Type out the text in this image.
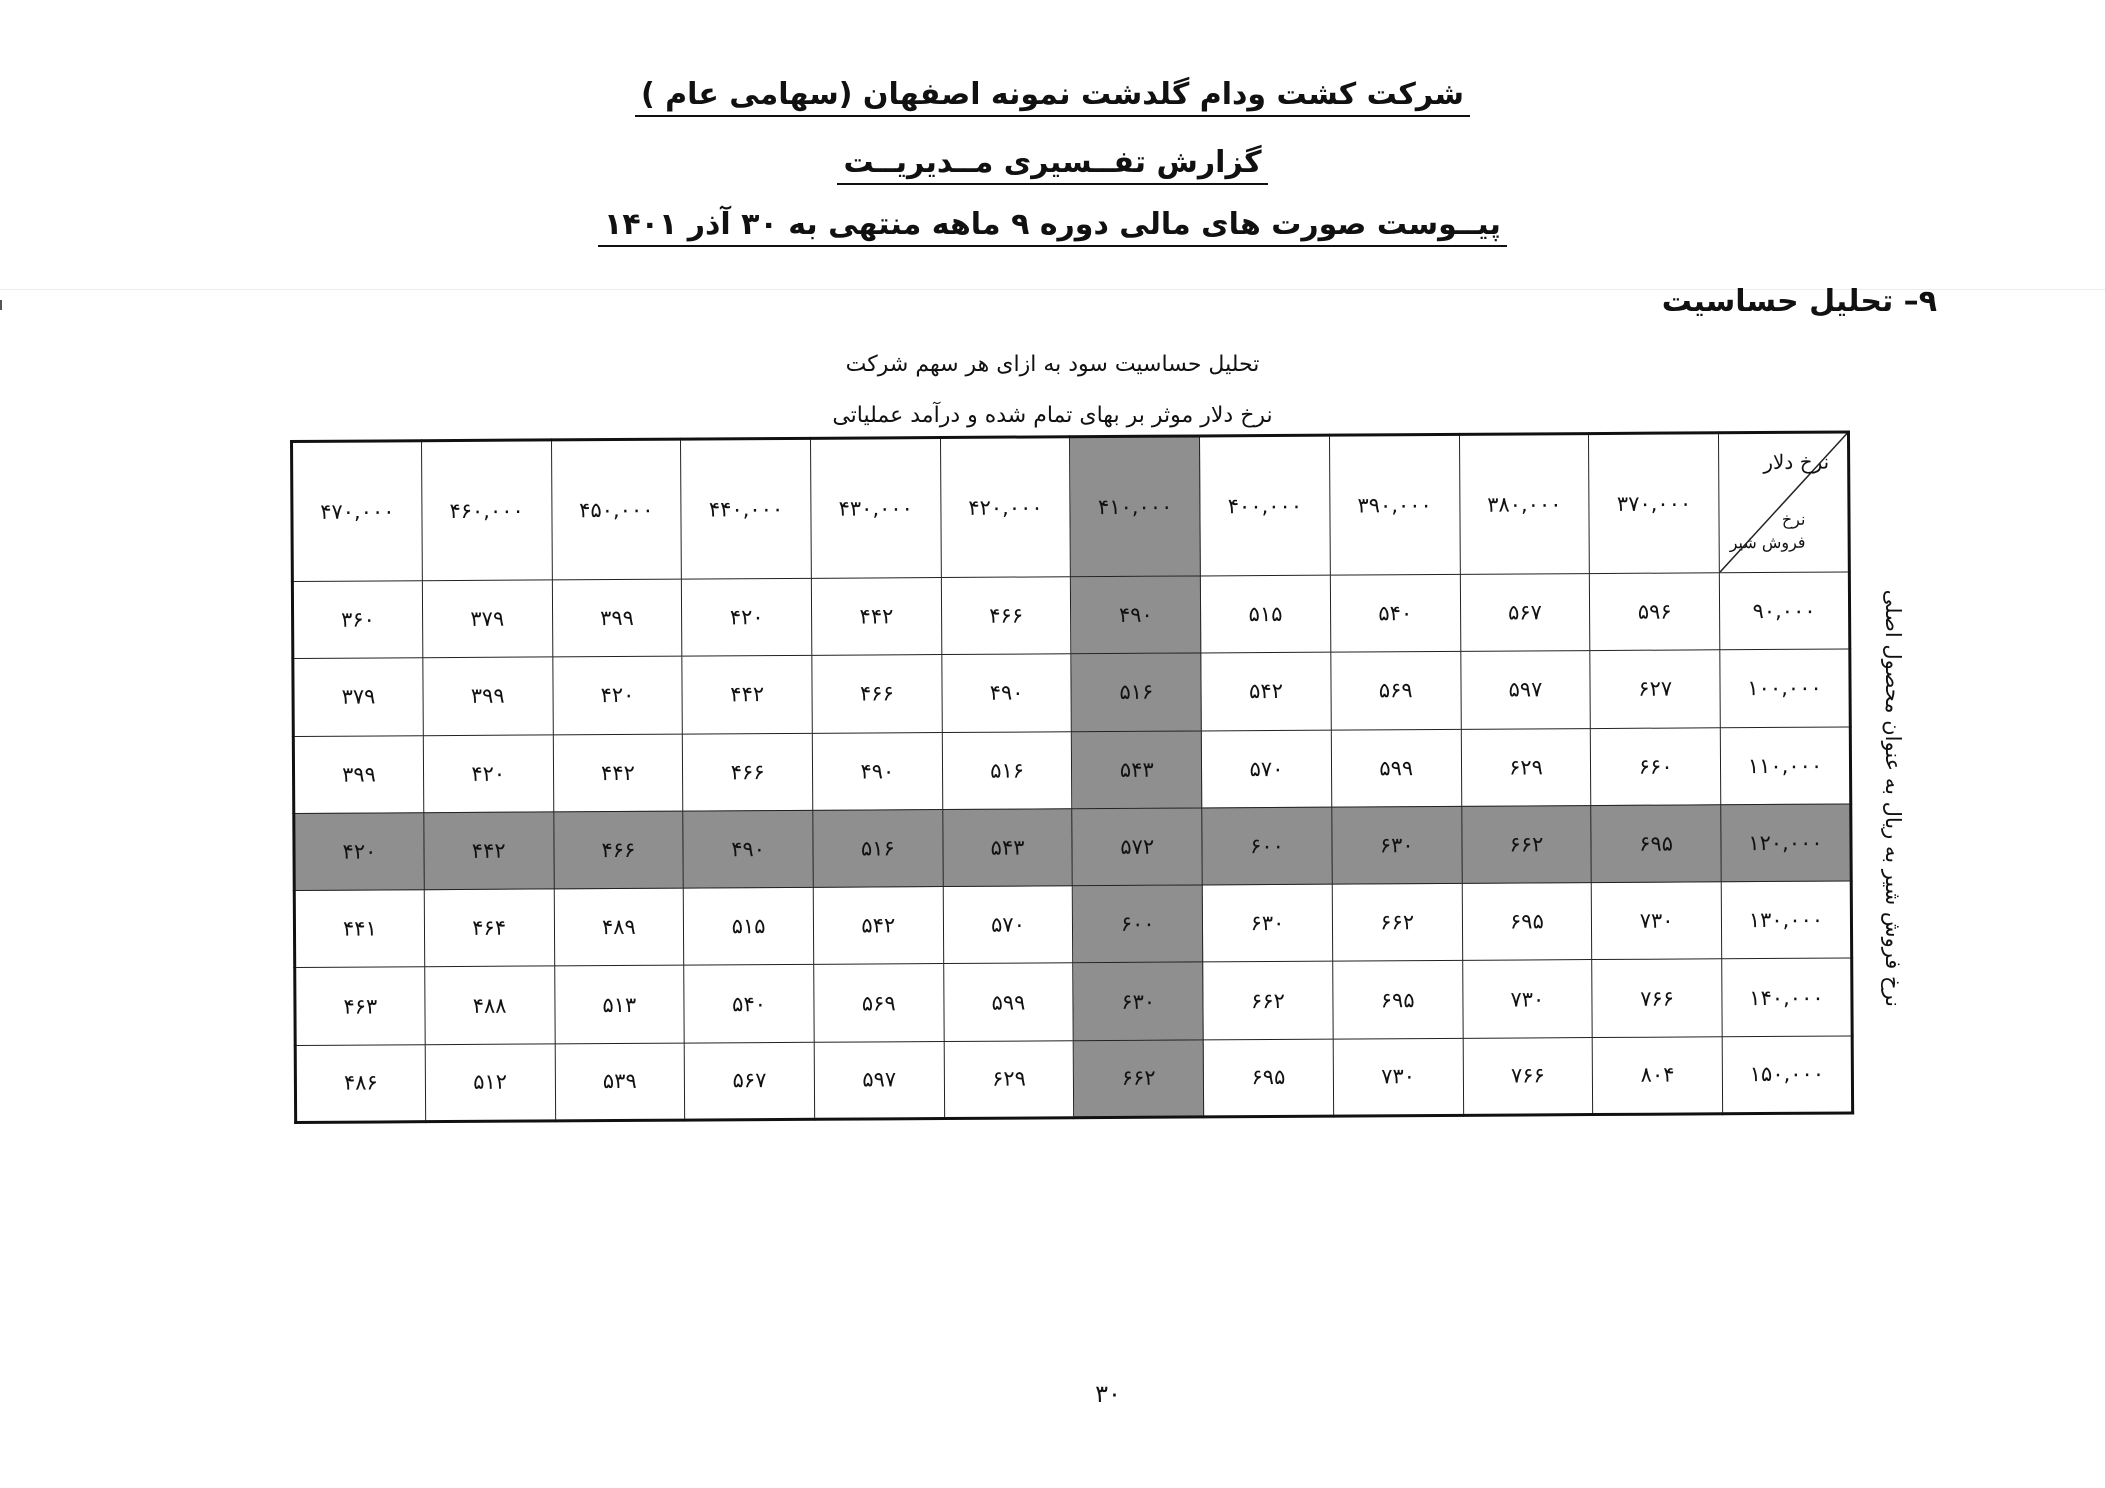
شرکت کشت ودام گلدشت نمونه اصفهان (سهامی عام )
گزارش تفــسیری مــدیریــت
پیــوست صورت های مالی دوره ۹ ماهه منتهی به ۳۰ آذر ۱۴۰۱
۹– تحلیل حساسیت
تحلیل حساسیت سود به ازای هر سهم شرکت
نرخ دلار موثر بر بهای تمام شده و درآمد عملیاتی
نرخ دلار
نرخ
فروش شیر	۳۷۰,۰۰۰	۳۸۰,۰۰۰	۳۹۰,۰۰۰	۴۰۰,۰۰۰	۴۱۰,۰۰۰	۴۲۰,۰۰۰	۴۳۰,۰۰۰	۴۴۰,۰۰۰	۴۵۰,۰۰۰	۴۶۰,۰۰۰	۴۷۰,۰۰۰
۹۰,۰۰۰	۵۹۶	۵۶۷	۵۴۰	۵۱۵	۴۹۰	۴۶۶	۴۴۲	۴۲۰	۳۹۹	۳۷۹	۳۶۰
۱۰۰,۰۰۰	۶۲۷	۵۹۷	۵۶۹	۵۴۲	۵۱۶	۴۹۰	۴۶۶	۴۴۲	۴۲۰	۳۹۹	۳۷۹
۱۱۰,۰۰۰	۶۶۰	۶۲۹	۵۹۹	۵۷۰	۵۴۳	۵۱۶	۴۹۰	۴۶۶	۴۴۲	۴۲۰	۳۹۹
۱۲۰,۰۰۰	۶۹۵	۶۶۲	۶۳۰	۶۰۰	۵۷۲	۵۴۳	۵۱۶	۴۹۰	۴۶۶	۴۴۲	۴۲۰
۱۳۰,۰۰۰	۷۳۰	۶۹۵	۶۶۲	۶۳۰	۶۰۰	۵۷۰	۵۴۲	۵۱۵	۴۸۹	۴۶۴	۴۴۱
۱۴۰,۰۰۰	۷۶۶	۷۳۰	۶۹۵	۶۶۲	۶۳۰	۵۹۹	۵۶۹	۵۴۰	۵۱۳	۴۸۸	۴۶۳
۱۵۰,۰۰۰	۸۰۴	۷۶۶	۷۳۰	۶۹۵	۶۶۲	۶۲۹	۵۹۷	۵۶۷	۵۳۹	۵۱۲	۴۸۶
نرخ فروش شیر به ریال به عنوان محصول اصلی
۳۰
